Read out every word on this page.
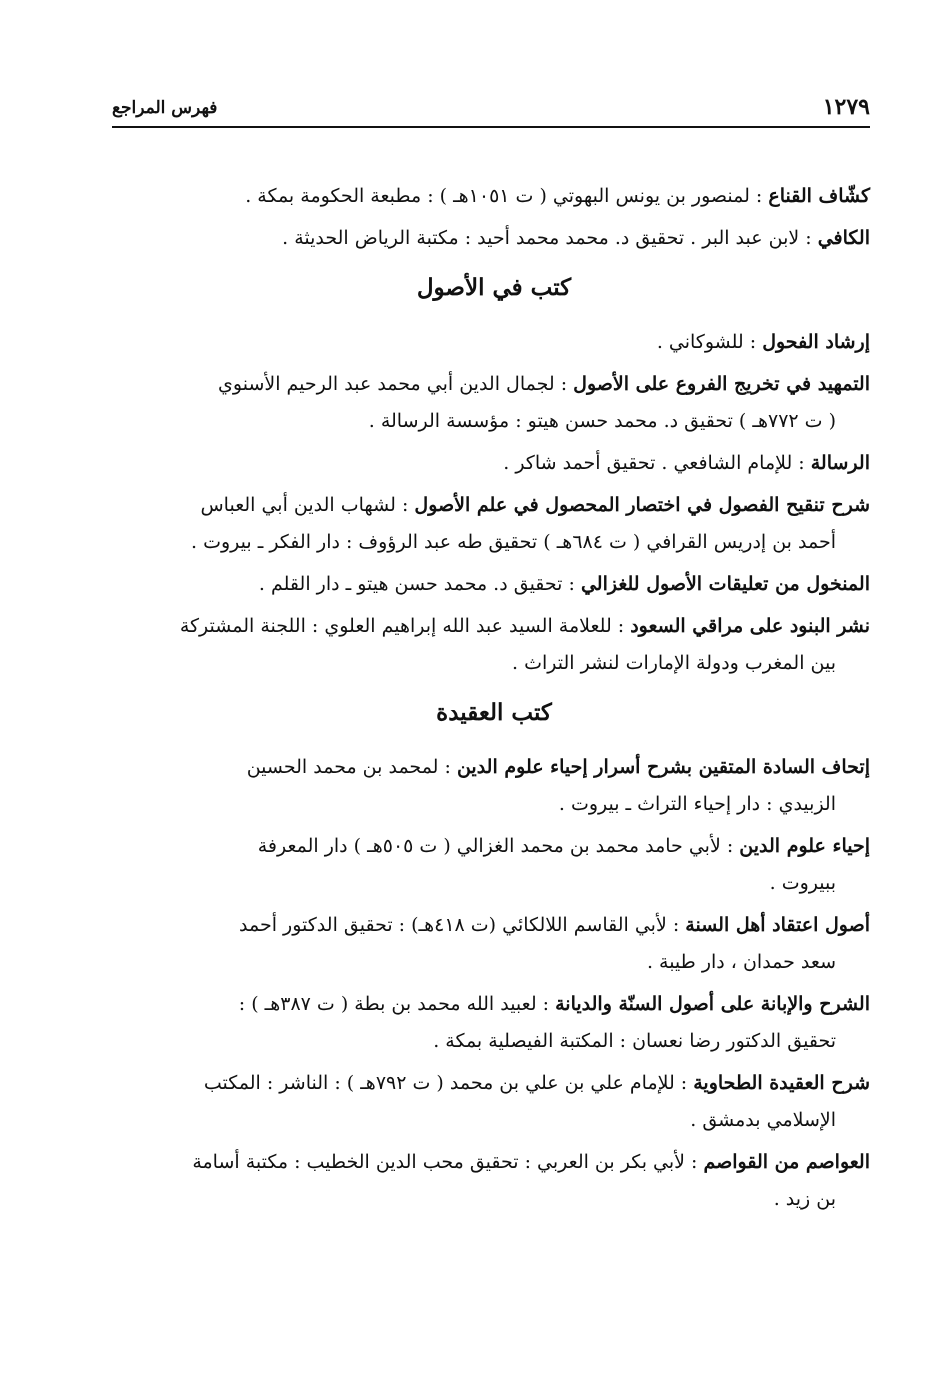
١٢٧٩
فهرس المراجع

كشّاف القناع : لمنصور بن يونس البهوتي ( ت ١٠٥١هـ ) : مطبعة الحكومة بمكة .

الكافي : لابن عبد البر . تحقيق د. محمد محمد أحيد : مكتبة الرياض الحديثة .

كتب في الأصول

إرشاد الفحول : للشوكاني .

التمهيد في تخريج الفروع على الأصول : لجمال الدين أبي محمد عبد الرحيم الأسنوي
( ت ٧٧٢هـ ) تحقيق د. محمد حسن هيتو : مؤسسة الرسالة .

الرسالة : للإمام الشافعي . تحقيق أحمد شاكر .

شرح تنقيح الفصول في اختصار المحصول في علم الأصول : لشهاب الدين أبي العباس
أحمد بن إدريس القرافي ( ت ٦٨٤هـ ) تحقيق طه عبد الرؤوف : دار الفكر ـ بيروت .

المنخول من تعليقات الأصول للغزالي : تحقيق د. محمد حسن هيتو ـ دار القلم .

نشر البنود على مراقي السعود : للعلامة السيد عبد الله إبراهيم العلوي : اللجنة المشتركة
بين المغرب ودولة الإمارات لنشر التراث .

كتب العقيدة

إتحاف السادة المتقين بشرح أسرار إحياء علوم الدين : لمحمد بن محمد الحسين
الزبيدي : دار إحياء التراث ـ بيروت .

إحياء علوم الدين : لأبي حامد محمد بن محمد الغزالي ( ت ٥٠٥هـ ) دار المعرفة
ببيروت .

أصول اعتقاد أهل السنة : لأبي القاسم اللالكائي (ت ٤١٨هـ) : تحقيق الدكتور أحمد
سعد حمدان ، دار طيبة .

الشرح والإبانة على أصول السنّة والديانة : لعبيد الله محمد بن بطة ( ت ٣٨٧هـ ) :
تحقيق الدكتور رضا نعسان : المكتبة الفيصلية بمكة .

شرح العقيدة الطحاوية : للإمام علي بن علي بن محمد ( ت ٧٩٢هـ ) : الناشر : المكتب
الإسلامي بدمشق .

العواصم من القواصم : لأبي بكر بن العربي : تحقيق محب الدين الخطيب : مكتبة أسامة
بن زيد .
